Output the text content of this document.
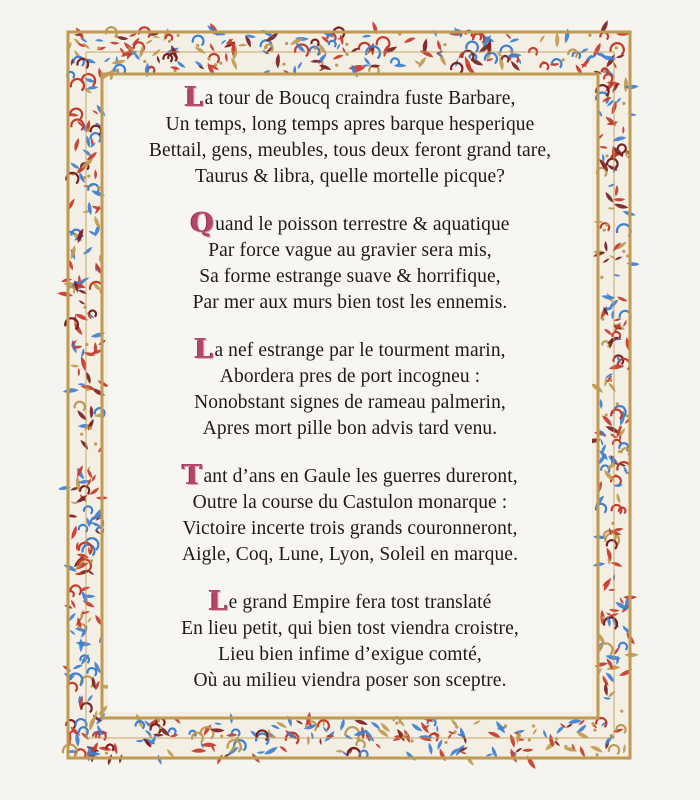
La tour de Boucq craindra fuste Barbare,
Un temps, long temps apres barque hesperique
Bettail, gens, meubles, tous deux feront grand tare,
Taurus & libra, quelle mortelle picque?
Quand le poisson terrestre & aquatique
Par force vague au gravier sera mis,
Sa forme estrange suave & horrifique,
Par mer aux murs bien tost les ennemis.
La nef estrange par le tourment marin,
Abordera pres de port incogneu :
Nonobstant signes de rameau palmerin,
Apres mort pille bon advis tard venu.
Tant d’ans en Gaule les guerres dureront,
Outre la course du Castulon monarque :
Victoire incerte trois grands couronneront,
Aigle, Coq, Lune, Lyon, Soleil en marque.
Le grand Empire fera tost translaté
En lieu petit, qui bien tost viendra croistre,
Lieu bien infime d’exigue comté,
Où au milieu viendra poser son sceptre.
